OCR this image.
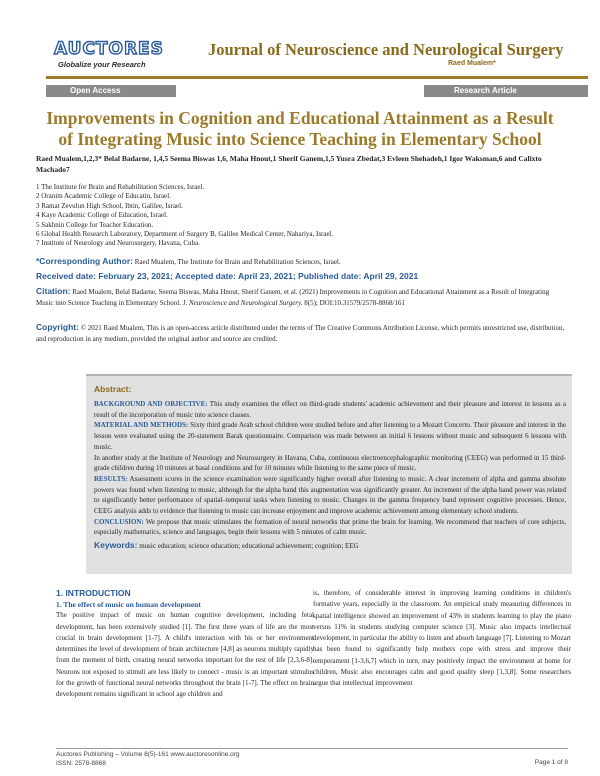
AUCTORES
Globalize your Research
Journal of Neuroscience and Neurological Surgery
Raed Mualem*
Open Access	Research Article
Improvements in Cognition and Educational Attainment as a Result of Integrating Music into Science Teaching in Elementary School
Raed Mualem,1,2,3* Belal Badarne, 1,4,5 Seema Biswas 1,6, Maha Hnout,1 Sherif Ganem,1,5 Yusra Zbedat,3 Evleen Shehadeh,1 Igor Waksman,6 and Calixto Machado7
1 The Institute for Brain and Rehabilitation Sciences, Israel.
2 Oranim Academic College of Educatin, Israel.
3 Ramat Zevulun High School, Ibtin, Galilee, Israel.
4 Kaye Academic College of Education, Israel.
5 Sakhnin College for Teacher Education.
6 Global Health Research Laboratory, Department of Surgery B, Galilee Medical Center, Nahariya, Israel.
7 Institute of Neurology and Neurosurgery, Havana, Cuba.
*Corresponding Author: Raed Mualem, The Institute for Brain and Rehabilitation Sciences, Israel.
Received date: February 23, 2021; Accepted date: April 23, 2021; Published date: April 29, 2021
Citation: Raed Mualem, Belal Badarne, Seema Biswas, Maha Hnout, Sherif Ganem, et al. (2021) Improvements in Cognition and Educational Attainment as a Result of Integrating Music into Science Teaching in Elementary School. J. Neuroscience and Neurological Surgery. 8(5); DOI:10.31579/2578-8868/161
Copyright: © 2021 Raed Mualem, This is an open-access article distributed under the terms of The Creative Commons Attribution License, which permits unrestricted use, distribution, and reproduction in any medium, provided the original author and source are credited.
Abstract:

BACKGROUND AND OBJECTIVE: This study examines the effect on third-grade students' academic achievement and their pleasure and interest in lessons as a result of the incorporation of music into science classes.

MATERIAL AND METHODS: Sixty third grade Arab school children were studied before and after listening to a Mozart Concerto. Their pleasure and interest in the lesson were evaluated using the 20-statement Barak questionnaire. Comparison was made between an initial 6 lessons without music and subsequent 6 lessons with music.

In another study at the Institute of Neurology and Neurosurgery in Havana, Cuba, continuous electroencephalographic monitoring (CEEG) was performed in 15 third-grade children during 10 minutes at basal conditions and for 10 minutes while listening to the same piece of music.

RESULTS: Assessment scores in the science examination were significantly higher overall after listening to music. A clear increment of alpha and gamma absolute powers was found when listening to music, although for the alpha band this augmentation was significantly greater. An increment of the alpha band power was related to significantly better performance of spatial–temporal tasks when listening to music. Changes in the gamma frequency band represent cognitive processes. Hence, CEEG analysis adds to evidence that listening to music can increase enjoyment and improve academic achievement among elementary school students.

CONCLUSION: We propose that music stimulates the formation of neural networks that prime the brain for learning. We recommend that teachers of core subjects, especially mathematics, science and languages, begin their lessons with 5 minutes of calm music.

Keywords: music education; science education; educational achievement; cognition; EEG
1. INTRODUCTION
1. The effect of music on human development

The positive impact of music on human cognitive development, including fetal development, has been extensively studied [1]. The first three years of life are the most crucial in brain development [1-7]. A child's interaction with his or her environment determines the level of development of brain architecture [4,8] as neurons multiply rapidly from the moment of birth, creating neural networks important for the rest of life [2,3,6-8]. Neurons not exposed to stimuli are less likely to connect - music is an important stimulus for the growth of functional neural networks throughout the brain [1-7]. The effect on brain development remains significant in school age children and

is, therefore, of considerable interest in improving learning conditions in children's formative years, especially in the classroom. An empirical study measuring differences in spatial intelligence showed an improvement of 43% in students learning to play the piano versus 11% in students studying computer science [3]. Music also impacts intellectual development, in particular the ability to listen and absorb language [7]. Listening to Mozart has been found to significantly help mothers cope with stress and improve their temperament [1-3,6,7] which in turn, may positively impact the environment at home for children, Music also encourages calm and good quality sleep [1,3,8]. Some researchers argue that intellectual improvement

Auctores Publishing – Volume 8(5)-161 www.auctoresonline.org
ISSN: 2578-8868	Page 1 of 8
